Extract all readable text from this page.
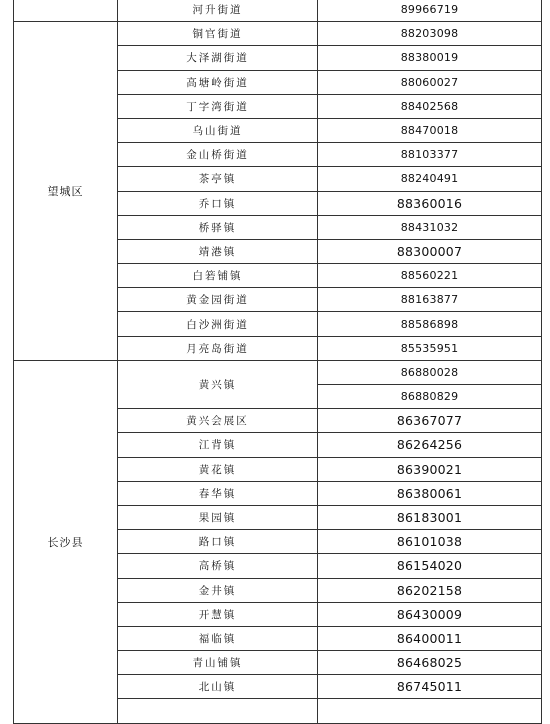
	河升街道	89966719
望城区	铜官街道	88203098
	大泽湖街道	88380019
	高塘岭街道	88060027
	丁字湾街道	88402568
	乌山街道	88470018
	金山桥街道	88103377
	茶亭镇	88240491
	乔口镇	88360016
	桥驿镇	88431032
	靖港镇	88300007
	白箬铺镇	88560221
	黄金园街道	88163877
	白沙洲街道	88586898
	月亮岛街道	85535951
长沙县	黄兴镇	86880028
		86880829
	黄兴会展区	86367077
	江背镇	86264256
	黄花镇	86390021
	春华镇	86380061
	果园镇	86183001
	路口镇	86101038
	高桥镇	86154020
	金井镇	86202158
	开慧镇	86430009
	福临镇	86400011
	青山铺镇	86468025
	北山镇	86745011
